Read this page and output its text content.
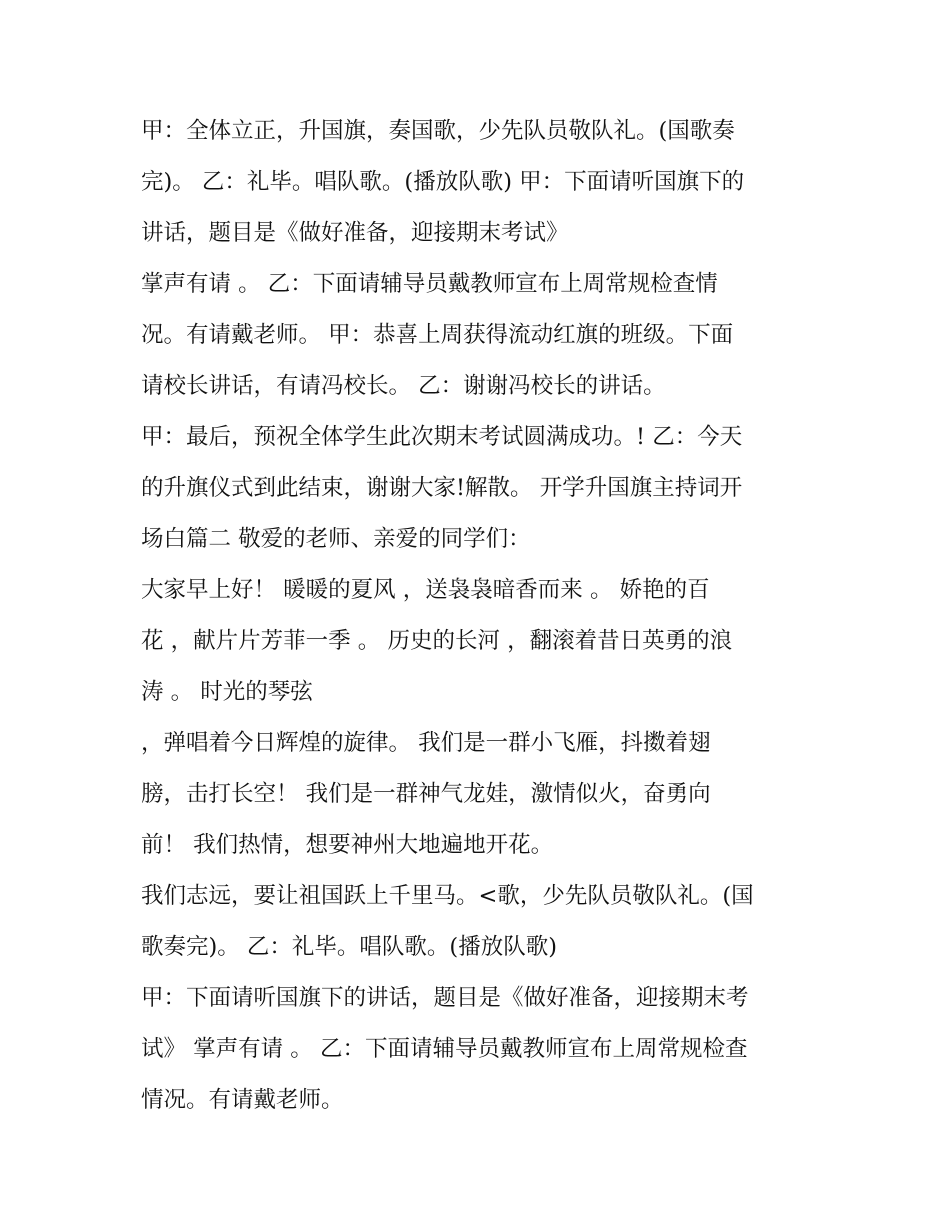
甲：全体立正，升国旗，奏国歌，少先队员敬队礼。(国歌奏
完)。 乙：礼毕。唱队歌。(播放队歌) 甲：下面请听国旗下的
讲话，题目是《做好准备，迎接期末考试》
掌声有请 。 乙：下面请辅导员戴教师宣布上周常规检查情
况。有请戴老师。 甲：恭喜上周获得流动红旗的班级。下面
请校长讲话，有请冯校长。 乙：谢谢冯校长的讲话。
甲：最后，预祝全体学生此次期末考试圆满成功。! 乙：今天
的升旗仪式到此结束，谢谢大家!解散。 开学升国旗主持词开
场白篇二 敬爱的老师、亲爱的同学们：
大家早上好！ 暖暖的夏风 ，送袅袅暗香而来 。 娇艳的百
花 ，献片片芳菲一季 。 历史的长河 ，翻滚着昔日英勇的浪
涛 。 时光的琴弦
，弹唱着今日辉煌的旋律。 我们是一群小飞雁，抖擞着翅
膀，击打长空！ 我们是一群神气龙娃，激情似火，奋勇向
前！ 我们热情，想要神州大地遍地开花。
我们志远，要让祖国跃上千里马。<歌，少先队员敬队礼。(国
歌奏完)。 乙：礼毕。唱队歌。(播放队歌)
甲：下面请听国旗下的讲话，题目是《做好准备，迎接期末考
试》 掌声有请 。 乙：下面请辅导员戴教师宣布上周常规检查
情况。有请戴老师。
